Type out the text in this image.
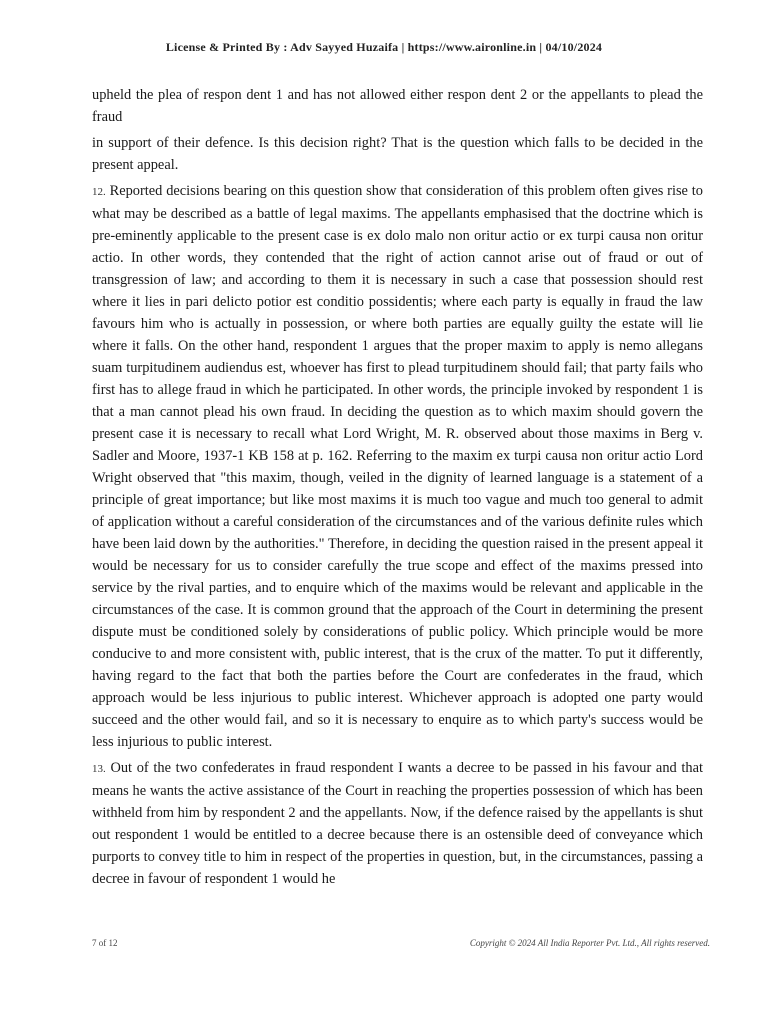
License & Printed By : Adv Sayyed Huzaifa | https://www.aironline.in | 04/10/2024

upheld the plea of respon dent 1 and has not allowed either respon dent 2 or the appellants to plead the fraud

in support of their defence. Is this decision right? That is the question which falls to be decided in the present appeal.

12. Reported decisions bearing on this question show that consideration of this problem often gives rise to what may be described as a battle of legal maxims. The appellants emphasised that the doctrine which is pre-eminently applicable to the present case is ex dolo malo non oritur actio or ex turpi causa non oritur actio. In other words, they contended that the right of action cannot arise out of fraud or out of transgression of law; and according to them it is necessary in such a case that possession should rest where it lies in pari delicto potior est conditio possidentis; where each party is equally in fraud the law favours him who is actually in possession, or where both parties are equally guilty the estate will lie where it falls. On the other hand, respondent 1 argues that the proper maxim to apply is nemo allegans suam turpitudinem audiendus est, whoever has first to plead turpitudinem should fail; that party fails who first has to allege fraud in which he participated. In other words, the principle invoked by respondent 1 is that a man cannot plead his own fraud. In deciding the question as to which maxim should govern the present case it is necessary to recall what Lord Wright, M. R. observed about those maxims in Berg v. Sadler and Moore, 1937-1 KB 158 at p. 162. Referring to the maxim ex turpi causa non oritur actio Lord Wright observed that "this maxim, though, veiled in the dignity of learned language is a statement of a principle of great importance; but like most maxims it is much too vague and much too general to admit of application without a careful consideration of the circumstances and of the various definite rules which have been laid down by the authorities." Therefore, in deciding the question raised in the present appeal it would be necessary for us to consider carefully the true scope and effect of the maxims pressed into service by the rival parties, and to enquire which of the maxims would be relevant and applicable in the circumstances of the case. It is common ground that the approach of the Court in determining the present dispute must be conditioned solely by considerations of public policy. Which principle would be more conducive to and more consistent with, public interest, that is the crux of the matter. To put it differently, having regard to the fact that both the parties before the Court are confederates in the fraud, which approach would be less injurious to public interest. Whichever approach is adopted one party would succeed and the other would fail, and so it is necessary to enquire as to which party's success would be less injurious to public interest.

13. Out of the two confederates in fraud respondent I wants a decree to be passed in his favour and that means he wants the active assistance of the Court in reaching the properties possession of which has been withheld from him by respondent 2 and the appellants. Now, if the defence raised by the appellants is shut out respondent 1 would be entitled to a decree because there is an ostensible deed of conveyance which purports to convey title to him in respect of the properties in question, but, in the circumstances, passing a decree in favour of respondent 1 would he

7 of 12	Copyright © 2024 All India Reporter Pvt. Ltd., All rights reserved.
